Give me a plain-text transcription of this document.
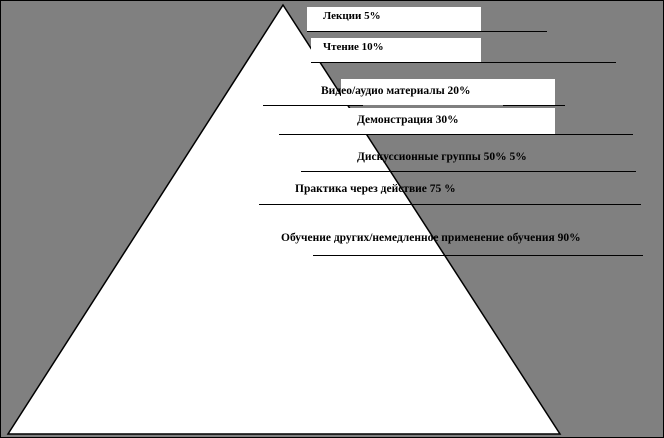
Лекции 5%
Чтение 10%
Видео/аудио материалы 20%
Демонстрация 30%
Дискуссионные группы 50% 5%
Практика через действие 75 %
Обучение других/немедленное применение обучения 90%
